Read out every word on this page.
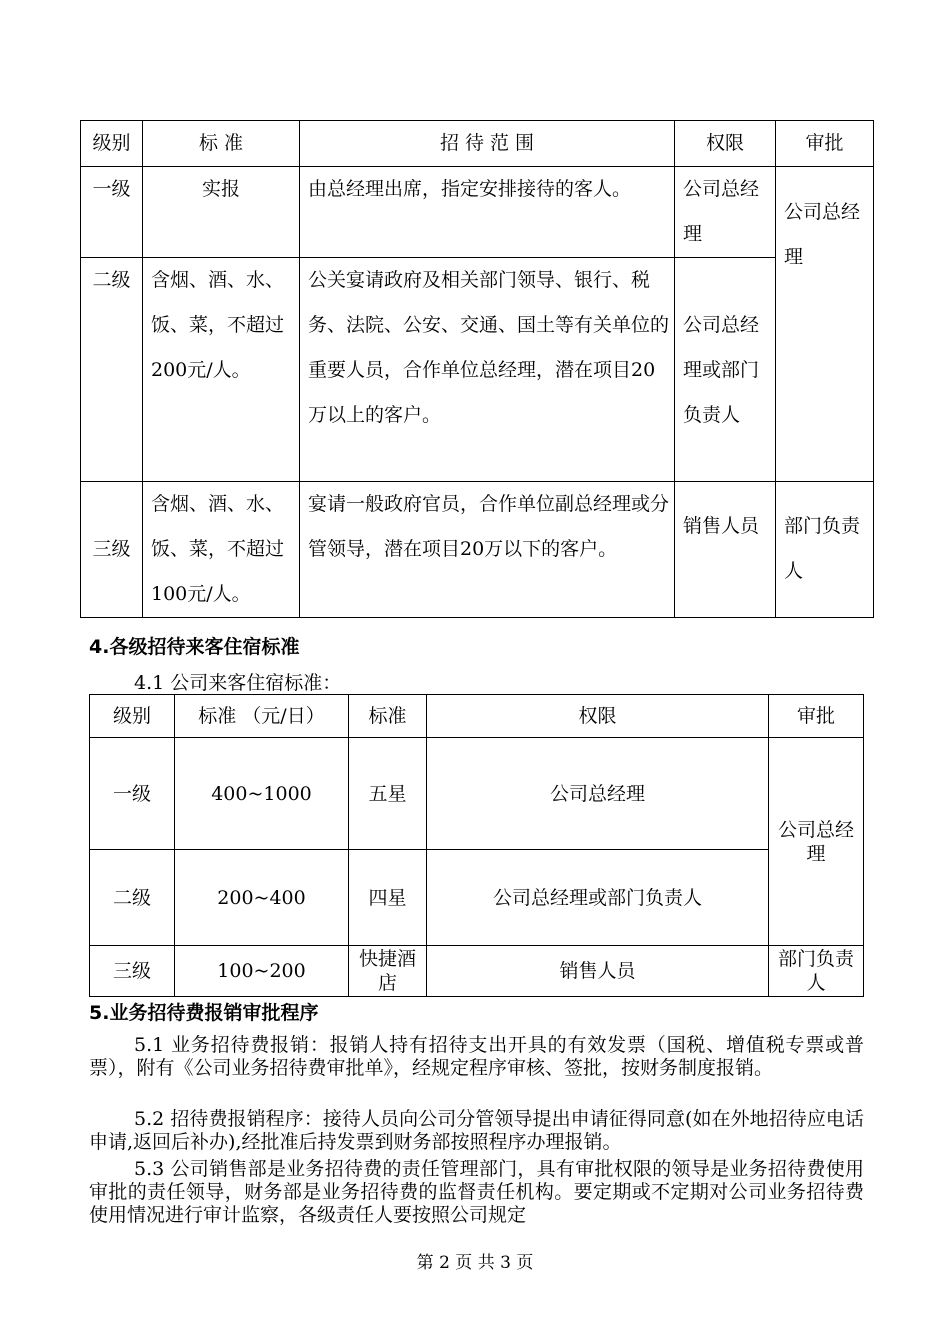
级别	标 准	招 待 范 围	权限	审批
一级	实报	由总经理出席，指定安排接待的客人。	公司总经理	公司总经理
二级	含烟、酒、水、饭、菜，不超过200元/人。	公关宴请政府及相关部门领导、银行、税务、法院、公安、交通、国土等有关单位的重要人员，合作单位总经理，潜在项目20万以上的客户。	公司总经理或部门负责人	
三级	含烟、酒、水、饭、菜，不超过100元/人。	宴请一般政府官员，合作单位副总经理或分管领导，潜在项目20万以下的客户。	销售人员	部门负责人
4.各级招待来客住宿标准
4.1 公司来客住宿标准：
级别	标准 （元/日）	标准	权限	审批
一级	400~1000	五星	公司总经理	公司总经理
二级	200~400	四星	公司总经理或部门负责人	
三级	100~200	快捷酒店	销售人员	部门负责人
5.业务招待费报销审批程序
5.1 业务招待费报销：报销人持有招待支出开具的有效发票（国税、增值税专票或普票），附有《公司业务招待费审批单》，经规定程序审核、签批，按财务制度报销。
5.2 招待费报销程序：接待人员向公司分管领导提出申请征得同意(如在外地招待应电话申请,返回后补办),经批准后持发票到财务部按照程序办理报销。
5.3 公司销售部是业务招待费的责任管理部门，具有审批权限的领导是业务招待费使用审批的责任领导，财务部是业务招待费的监督责任机构。要定期或不定期对公司业务招待费使用情况进行审计监察，各级责任人要按照公司规定
第 2 页 共 3 页
